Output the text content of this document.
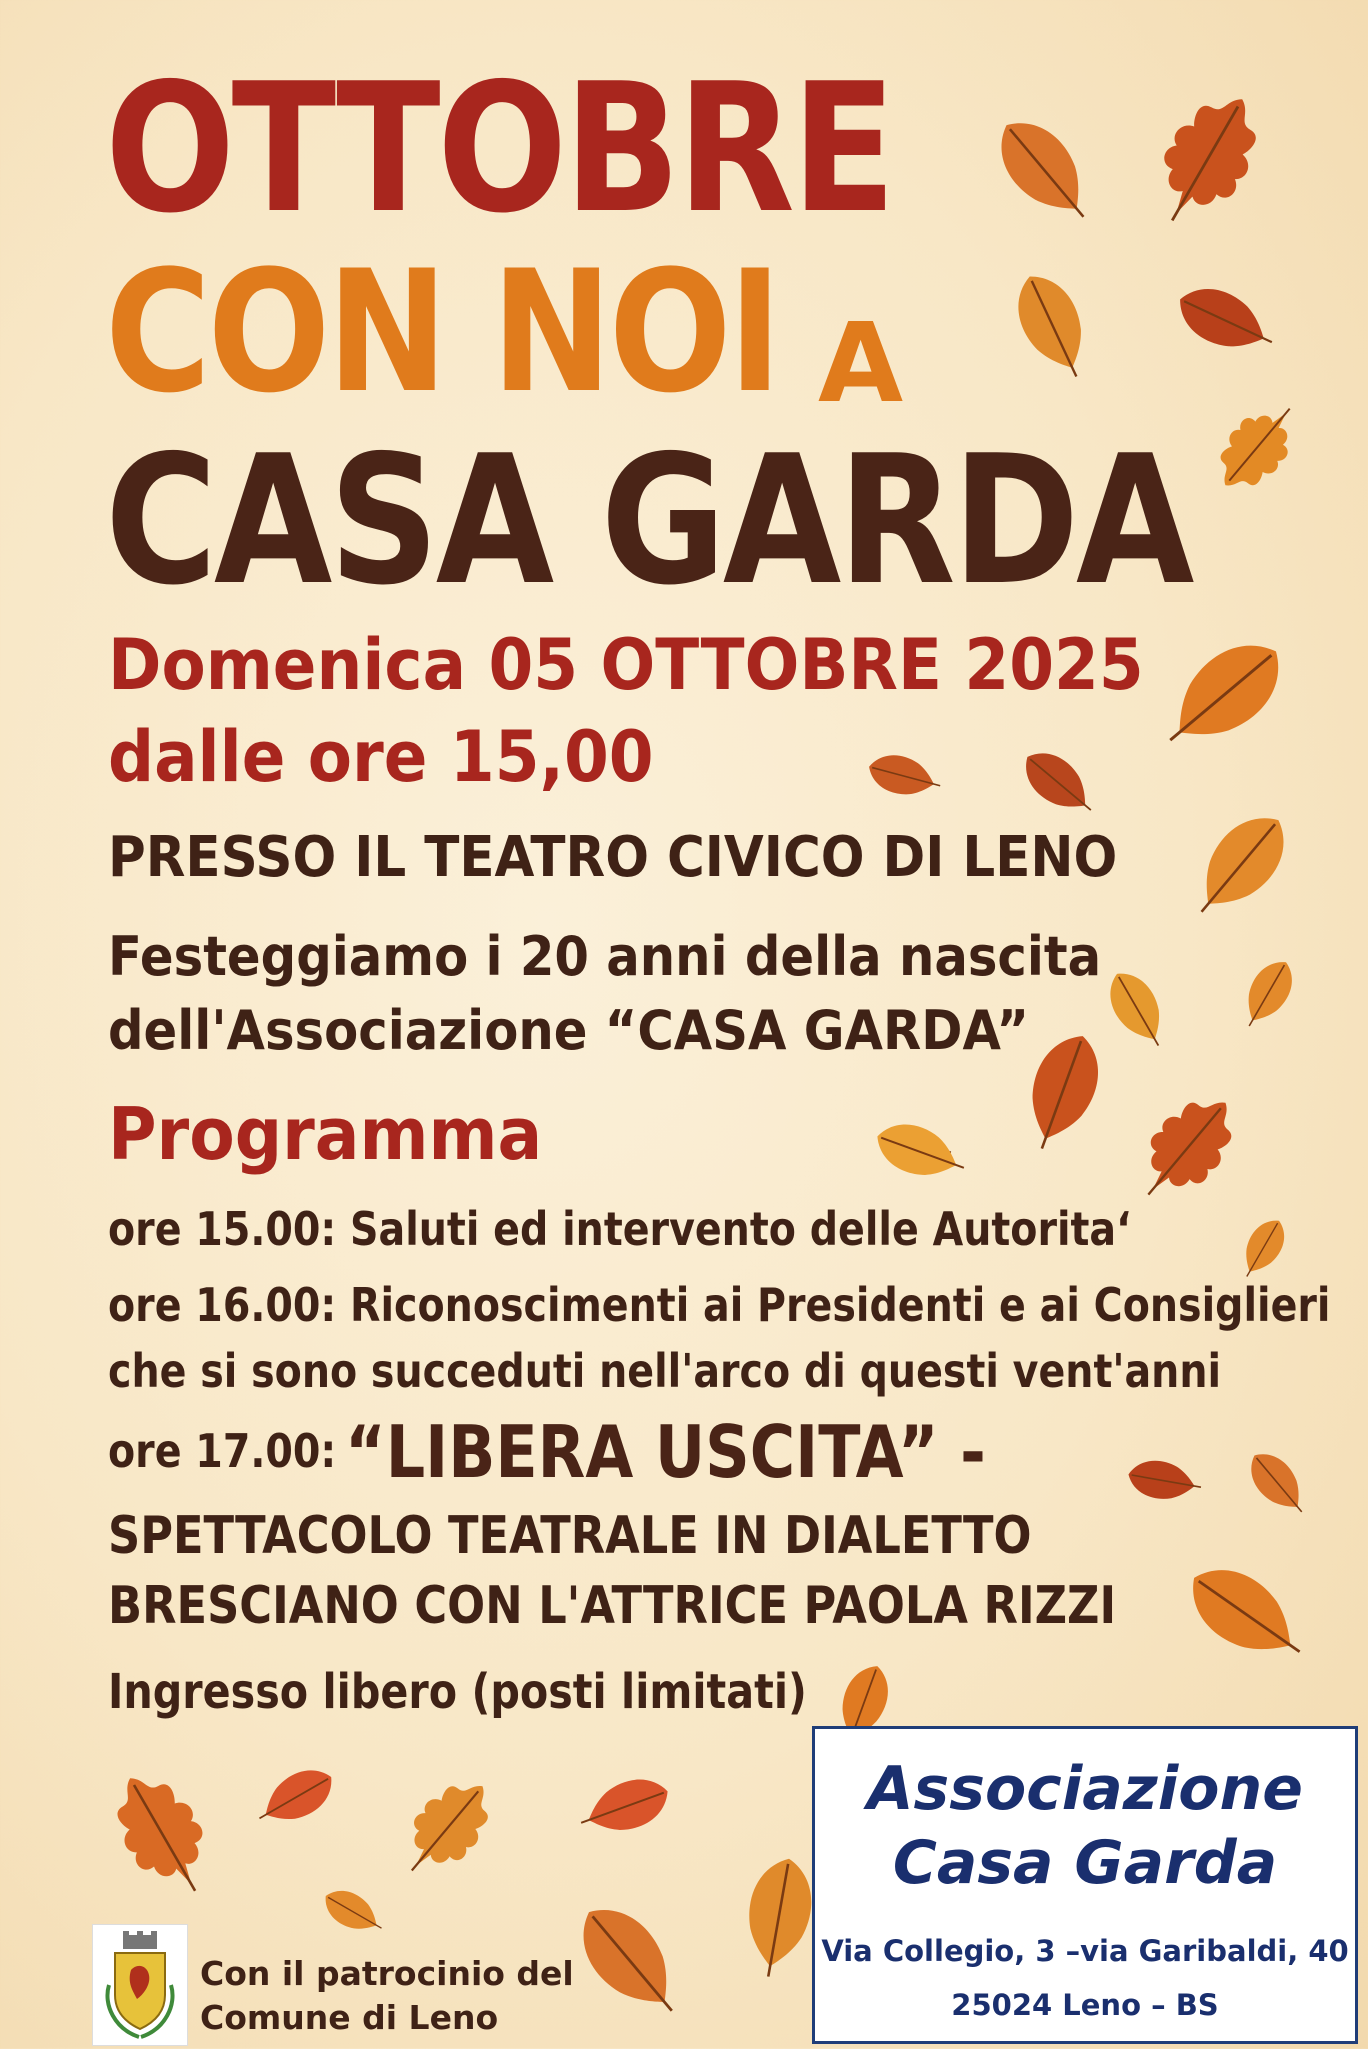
OTTOBRE
CON NOI A
CASA GARDA
Domenica 05 OTTOBRE 2025
dalle ore 15,00
PRESSO IL TEATRO CIVICO DI LENO
Festeggiamo i 20 anni della nascita
dell'Associazione “CASA GARDA”
Programma
ore 15.00: Saluti ed intervento delle Autorita‘
ore 16.00: Riconoscimenti ai Presidenti e ai Consiglieri
che si sono succeduti nell'arco di questi vent'anni
ore 17.00: “LIBERA USCITA” -
SPETTACOLO TEATRALE IN DIALETTO
BRESCIANO CON L'ATTRICE PAOLA RIZZI
Ingresso libero (posti limitati)
Associazione
Casa Garda
Via Collegio, 3 –via Garibaldi, 40
25024 Leno – BS
Con il patrocinio del
Comune di Leno
